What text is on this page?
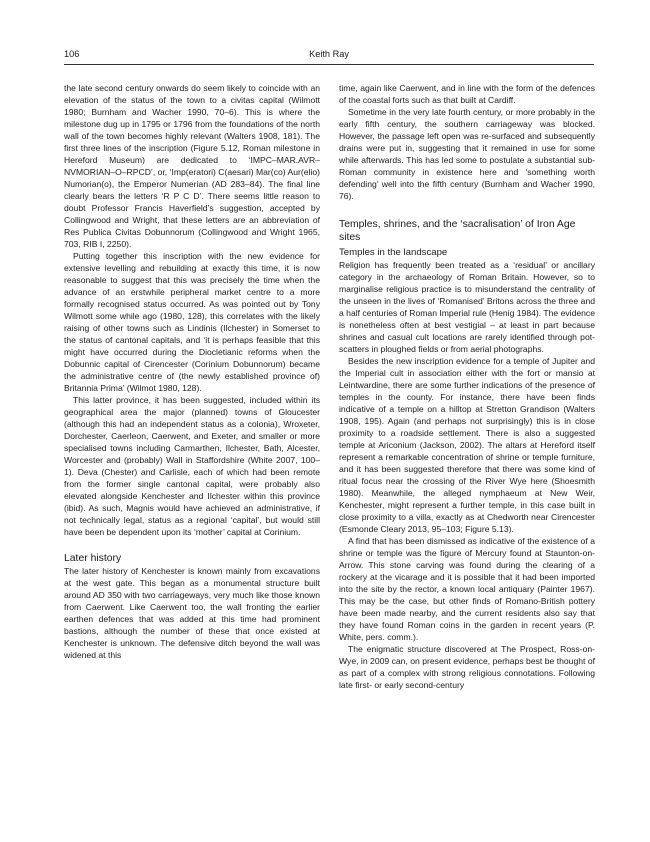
106	Keith Ray

the late second century onwards do seem likely to coincide with an elevation of the status of the town to a civitas capital (Wilmott 1980; Burnham and Wacher 1990, 70–6). This is where the milestone dug up in 1795 or 1796 from the foundations of the north wall of the town becomes highly relevant (Walters 1908, 181). The first three lines of the inscription (Figure 5.12, Roman milestone in Hereford Museum) are dedicated to ‘IMPC–MAR.AVR–NVMORIAN–O–RPCD’, or, ‘Imp(eratori) C(aesari) Mar(co) Aur(elio) Numorian(o), the Emperor Numerian (AD 283–84). The final line clearly bears the letters ‘R P C D’. There seems little reason to doubt Professor Francis Haverfield’s suggestion, accepted by Collingwood and Wright, that these letters are an abbreviation of Res Publica Civitas Dobunnorum (Collingwood and Wright 1965, 703, RIB I, 2250).

Putting together this inscription with the new evidence for extensive levelling and rebuilding at exactly this time, it is now reasonable to suggest that this was precisely the time when the advance of an erstwhile peripheral market centre to a more formally recognised status occurred. As was pointed out by Tony Wilmott some while ago (1980, 128), this correlates with the likely raising of other towns such as Lindinis (Ilchester) in Somerset to the status of cantonal capitals, and ‘it is perhaps feasible that this might have occurred during the Diocletianic reforms when the Dobunnic capital of Cirencester (Corinium Dobunnorum) became the administrative centre of (the newly established province of) Britannia Prima’ (Wilmot 1980, 128).

This latter province, it has been suggested, included within its geographical area the major (planned) towns of Gloucester (although this had an independent status as a colonia), Wroxeter, Dorchester, Caerleon, Caerwent, and Exeter, and smaller or more specialised towns including Carmarthen, Ilchester, Bath, Alcester, Worcester and (probably) Wall in Staffordshire (White 2007, 100–1). Deva (Chester) and Carlisle, each of which had been remote from the former single cantonal capital, were probably also elevated alongside Kenchester and Ilchester within this province (ibid). As such, Magnis would have achieved an administrative, if not technically legal, status as a regional ‘capital’, but would still have been be dependent upon its ‘mother’ capital at Corinium.

Later history

The later history of Kenchester is known mainly from excavations at the west gate. This began as a monumental structure built around AD 350 with two carriageways, very much like those known from Caerwent. Like Caerwent too, the wall fronting the earlier earthen defences that was added at this time had prominent bastions, although the number of these that once existed at Kenchester is unknown. The defensive ditch beyond the wall was widened at this

time, again like Caerwent, and in line with the form of the defences of the coastal forts such as that built at Cardiff.

Sometime in the very late fourth century, or more probably in the early fifth century, the southern carriageway was blocked. However, the passage left open was re-surfaced and subsequently drains were put in, suggesting that it remained in use for some while afterwards. This has led some to postulate a substantial sub-Roman community in existence here and ‘something worth defending’ well into the fifth century (Burnham and Wacher 1990, 76).

Temples, shrines, and the ‘sacralisation’ of Iron Age sites
Temples in the landscape

Religion has frequently been treated as a ‘residual’ or ancillary category in the archaeology of Roman Britain. However, so to marginalise religious practice is to misunderstand the centrality of the unseen in the lives of ‘Romanised’ Britons across the three and a half centuries of Roman Imperial rule (Henig 1984). The evidence is nonetheless often at best vestigial – at least in part because shrines and casual cult locations are rarely identified through pot-scatters in ploughed fields or from aerial photographs.

Besides the new inscription evidence for a temple of Jupiter and the Imperial cult in association either with the fort or mansio at Leintwardine, there are some further indications of the presence of temples in the county. For instance, there have been finds indicative of a temple on a hilltop at Stretton Grandison (Walters 1908, 195). Again (and perhaps not surprisingly) this is in close proximity to a roadside settlement. There is also a suggested temple at Ariconium (Jackson, 2002). The altars at Hereford itself represent a remarkable concentration of shrine or temple furniture, and it has been suggested therefore that there was some kind of ritual focus near the crossing of the River Wye here (Shoesmith 1980). Meanwhile, the alleged nymphaeum at New Weir, Kenchester, might represent a further temple, in this case built in close proximity to a villa, exactly as at Chedworth near Cirencester (Esmonde Cleary 2013, 95–103; Figure 5.13).

A find that has been dismissed as indicative of the existence of a shrine or temple was the figure of Mercury found at Staunton-on-Arrow. This stone carving was found during the clearing of a rockery at the vicarage and it is possible that it had been imported into the site by the rector, a known local antiquary (Painter 1967). This may be the case, but other finds of Romano-British pottery have been made nearby, and the current residents also say that they have found Roman coins in the garden in recent years (P. White, pers. comm.).

The enigmatic structure discovered at The Prospect, Ross-on-Wye, in 2009 can, on present evidence, perhaps best be thought of as part of a complex with strong religious connotations. Following late first- or early second-century
